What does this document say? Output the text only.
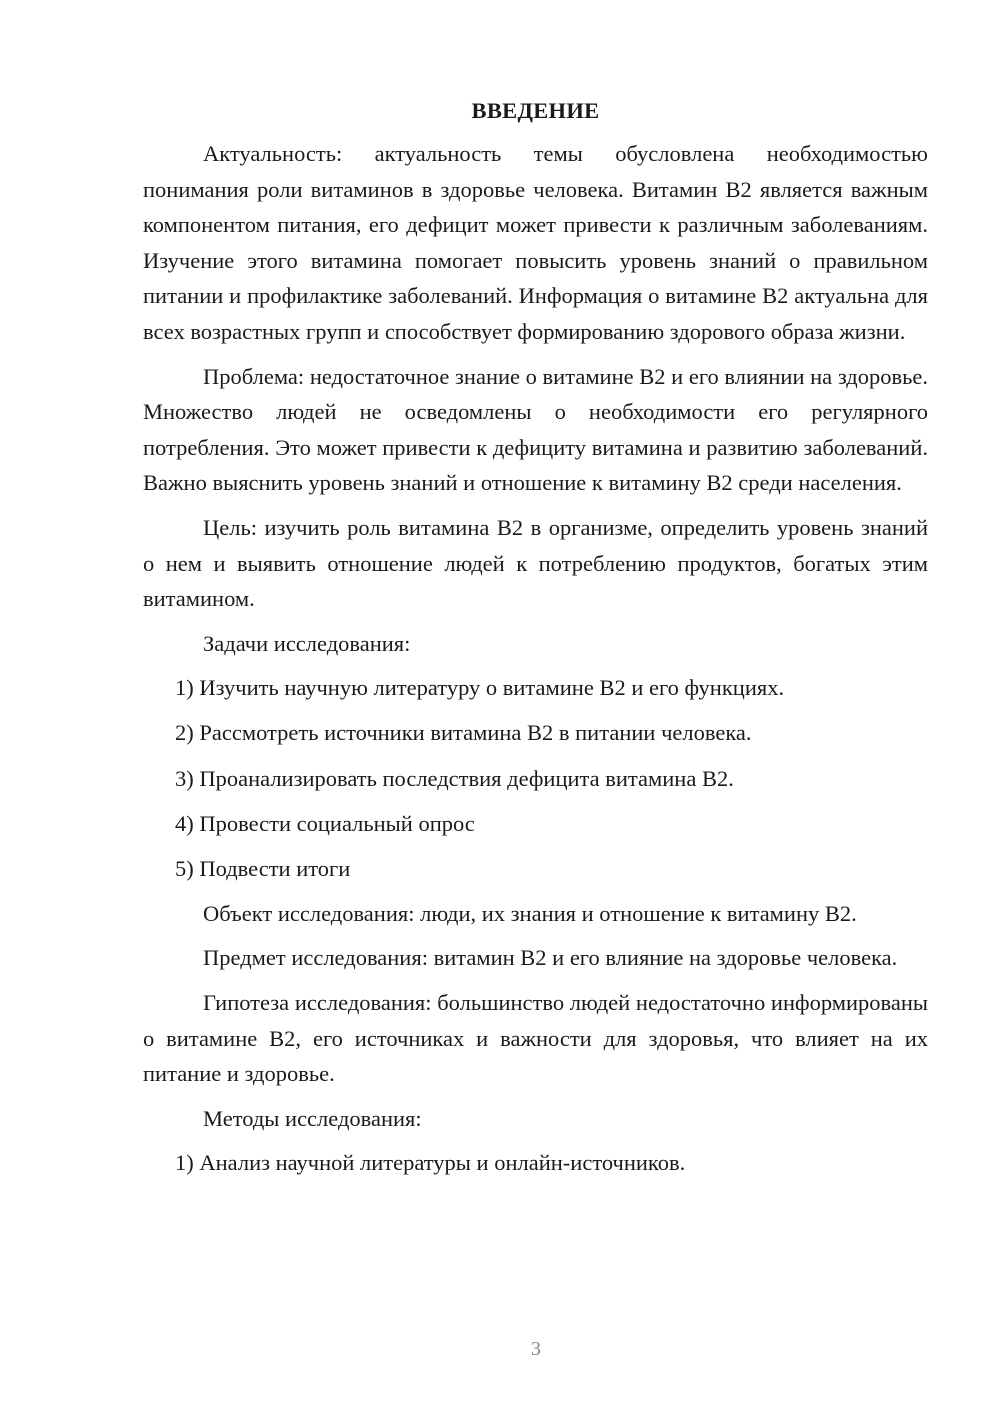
ВВЕДЕНИЕ

Актуальность: актуальность темы обусловлена необходимостью понимания роли витаминов в здоровье человека. Витамин В2 является важным компонентом питания, его дефицит может привести к различным заболеваниям. Изучение этого витамина помогает повысить уровень знаний о правильном питании и профилактике заболеваний. Информация о витамине В2 актуальна для всех возрастных групп и способствует формированию здорового образа жизни.

Проблема: недостаточное знание о витамине В2 и его влиянии на здоровье. Множество людей не осведомлены о необходимости его регулярного потребления. Это может привести к дефициту витамина и развитию заболеваний. Важно выяснить уровень знаний и отношение к витамину В2 среди населения.

Цель: изучить роль витамина В2 в организме, определить уровень знаний о нем и выявить отношение людей к потреблению продуктов, богатых этим витамином.

Задачи исследования:

1) Изучить научную литературу о витамине В2 и его функциях.
2) Рассмотреть источники витамина В2 в питании человека.
3) Проанализировать последствия дефицита витамина В2.
4) Провести социальный опрос
5) Подвести итоги

Объект исследования: люди, их знания и отношение к витамину В2.

Предмет исследования: витамин В2 и его влияние на здоровье человека.

Гипотеза исследования: большинство людей недостаточно информированы о витамине В2, его источниках и важности для здоровья, что влияет на их питание и здоровье.

Методы исследования:

1) Анализ научной литературы и онлайн-источников.
3
